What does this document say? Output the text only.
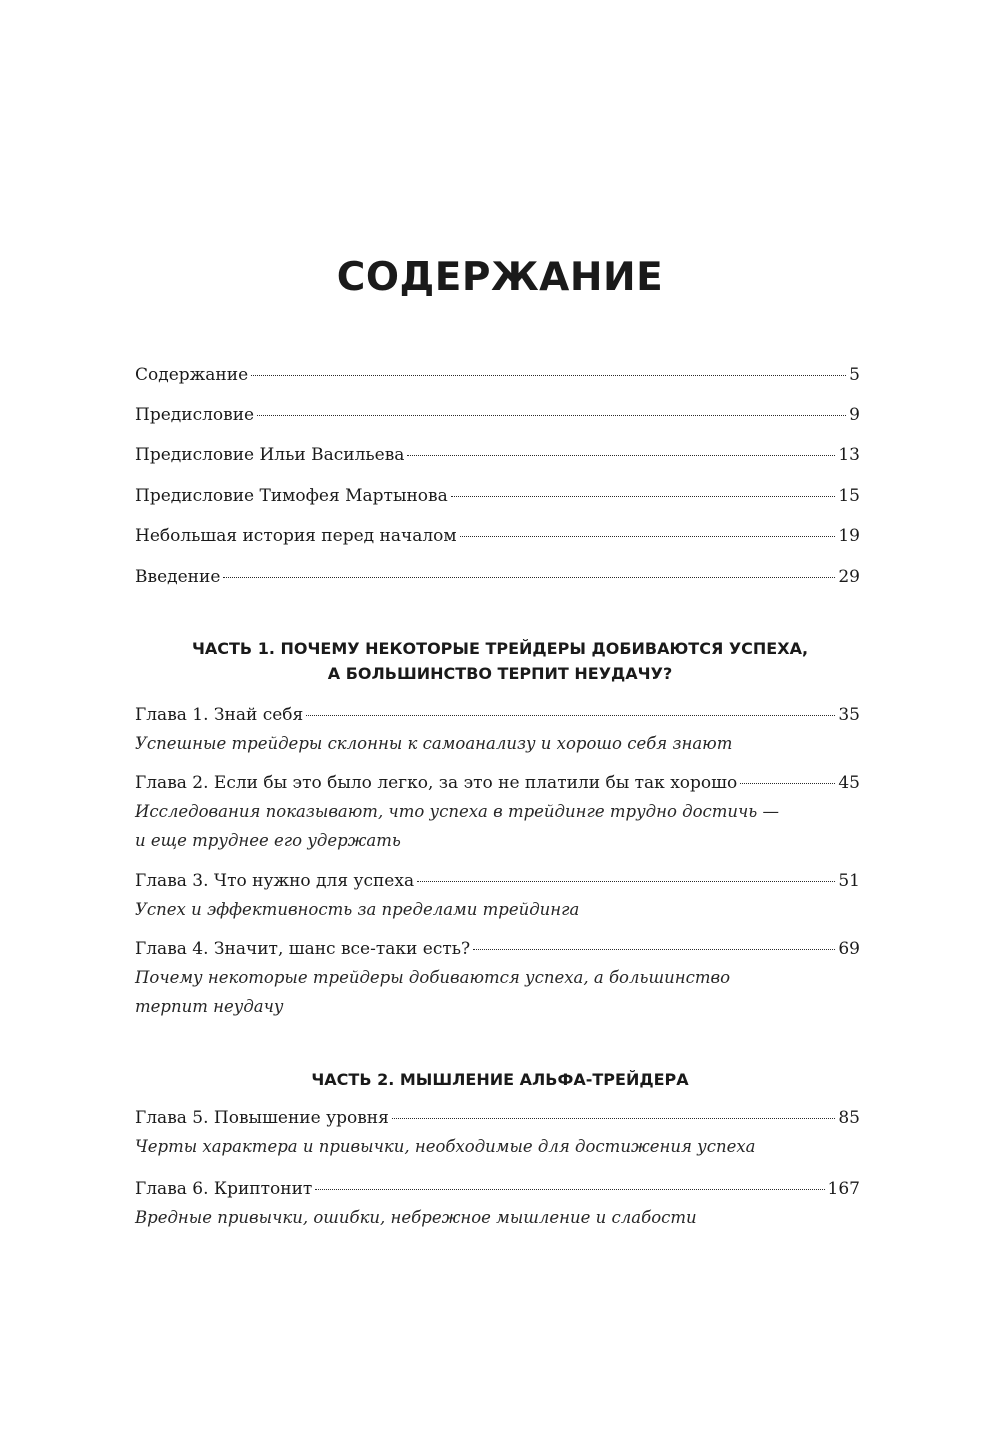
СОДЕРЖАНИЕ
Содержание	5
Предисловие	9
Предисловие Ильи Васильева	13
Предисловие Тимофея Мартынова	15
Небольшая история перед началом	19
Введение	29
ЧАСТЬ 1. ПОЧЕМУ НЕКОТОРЫЕ ТРЕЙДЕРЫ ДОБИВАЮТСЯ УСПЕХА,
А БОЛЬШИНСТВО ТЕРПИТ НЕУДАЧУ?
Глава 1. Знай себя	35

Успешные трейдеры склонны к самоанализу и хорошо себя знают

Глава 2. Если бы это было легко, за это не платили бы так хорошо	45

Исследования показывают, что успеха в трейдинге трудно достичь —

и еще труднее его удержать

Глава 3. Что нужно для успеха	51

Успех и эффективность за пределами трейдинга

Глава 4. Значит, шанс все-таки есть?	69

Почему некоторые трейдеры добиваются успеха, а большинство

терпит неудачу

ЧАСТЬ 2. МЫШЛЕНИЕ АЛЬФА-ТРЕЙДЕРА
Глава 5. Повышение уровня	85

Черты характера и привычки, необходимые для достижения успеха

Глава 6. Криптонит	167

Вредные привычки, ошибки, небрежное мышление и слабости
